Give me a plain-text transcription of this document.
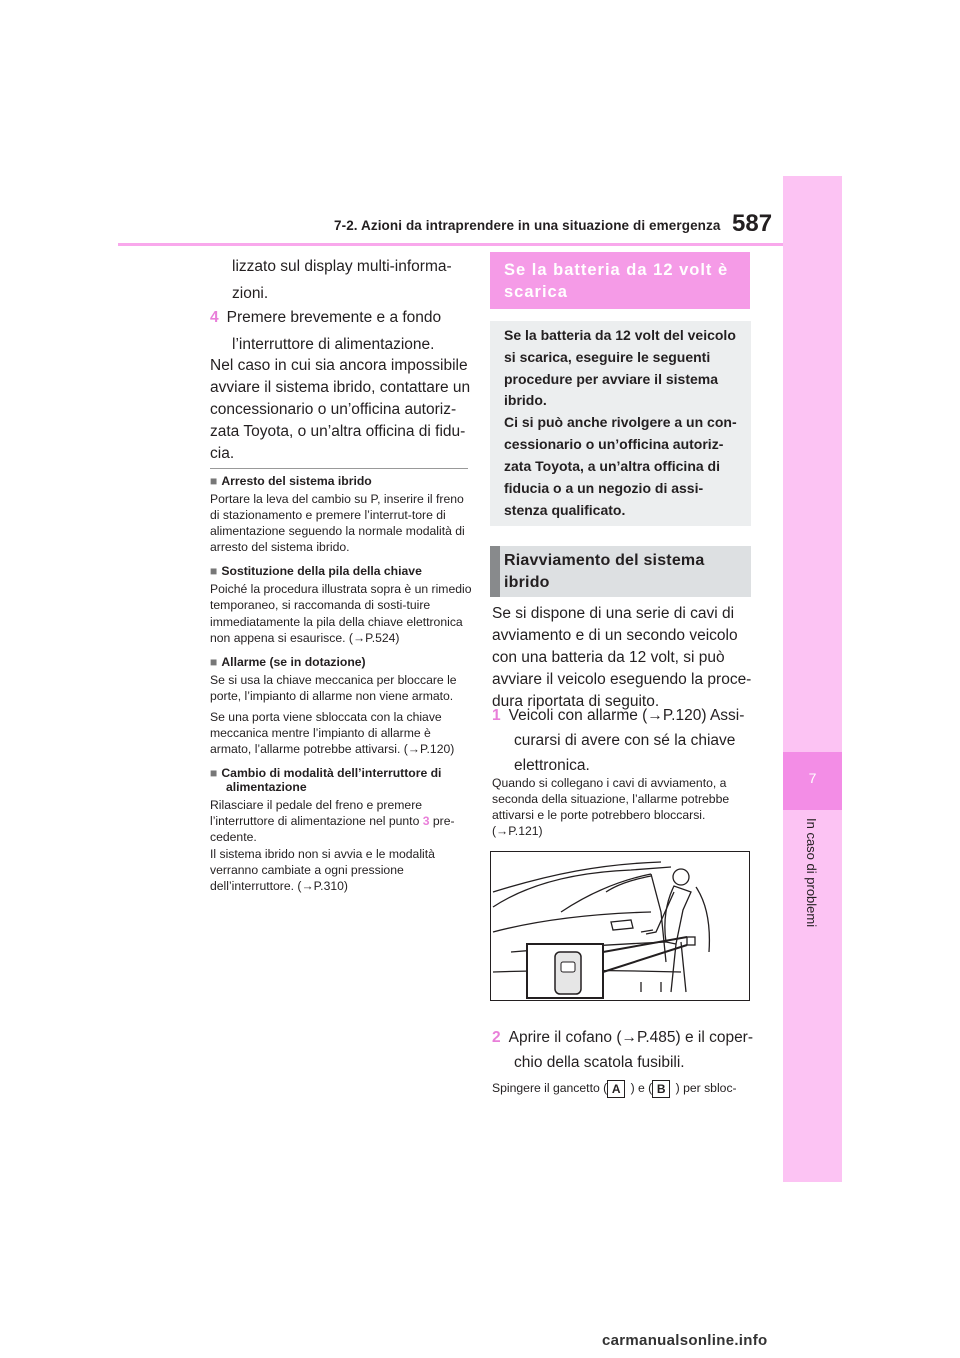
7-2. Azioni da intraprendere in una situazione di emergenza 587
7
In caso di problemi
lizzato sul display multi-informa-
zioni.
4 Premere brevemente e a fondo l’interruttore di alimentazione.
Nel caso in cui sia ancora impossibile avviare il sistema ibrido, contattare un concessionario o un’officina autoriz-zata Toyota, o un’altra officina di fidu-cia.
■ Arresto del sistema ibrido
Portare la leva del cambio su P, inserire il freno di stazionamento e premere l’interrut-tore di alimentazione seguendo la normale modalità di arresto del sistema ibrido.
■ Sostituzione della pila della chiave
Poiché la procedura illustrata sopra è un rimedio temporaneo, si raccomanda di sosti-tuire immediatamente la pila della chiave elettronica non appena si esaurisce. (→P.524)
■ Allarme (se in dotazione)
Se si usa la chiave meccanica per bloccare le porte, l’impianto di allarme non viene armato.
Se una porta viene sbloccata con la chiave meccanica mentre l’impianto di allarme è armato, l’allarme potrebbe attivarsi. (→P.120)
■ Cambio di modalità dell’interruttore di alimentazione
Rilasciare il pedale del freno e premere l’interruttore di alimentazione nel punto 3 pre-cedente.
Il sistema ibrido non si avvia e le modalità verranno cambiate a ogni pressione dell’interruttore. (→P.310)
Se la batteria da 12 volt è scarica
Se la batteria da 12 volt del veicolo si scarica, eseguire le seguenti procedure per avviare il sistema ibrido.
Ci si può anche rivolgere a un con-cessionario o un’officina autoriz-zata Toyota, a un’altra officina di fiducia o a un negozio di assi-stenza qualificato.
Riavviamento del sistema ibrido
Se si dispone di una serie di cavi di avviamento e di un secondo veicolo con una batteria da 12 volt, si può avviare il veicolo eseguendo la proce-dura riportata di seguito.
1 Veicoli con allarme (→P.120) Assi-curarsi di avere con sé la chiave elettronica.
Quando si collegano i cavi di avviamento, a seconda della situazione, l’allarme potrebbe attivarsi e le porte potrebbero bloccarsi. (→P.121)
2 Aprire il cofano (→P.485) e il coper-chio della scatola fusibili.
Spingere il gancetto ( A ) e ( B ) per sbloc-
carmanualsonline.info
